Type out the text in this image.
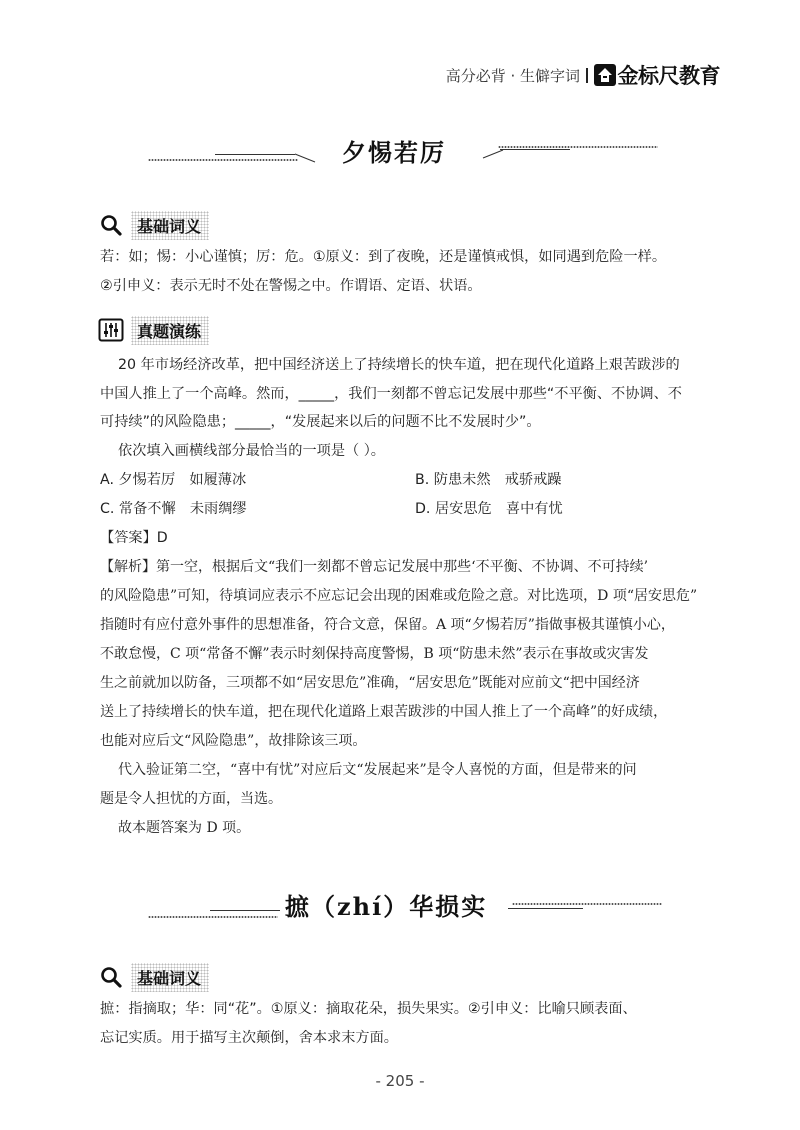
高分必背 · 生僻字词 金标尺教育
夕惕若厉
基础词义
若：如；惕：小心谨慎；厉：危。①原义：到了夜晚，还是谨慎戒惧，如同遇到危险一样。
②引申义：表示无时不处在警惕之中。作谓语、定语、状语。
真题演练
20 年市场经济改革，把中国经济送上了持续增长的快车道，把在现代化道路上艰苦跋涉的
中国人推上了一个高峰。然而，_____，我们一刻都不曾忘记发展中那些“不平衡、不协调、不
可持续”的风险隐患；_____，“发展起来以后的问题不比不发展时少”。
依次填入画横线部分最恰当的一项是（ ）。
A. 夕惕若厉　如履薄冰	B. 防患未然　戒骄戒躁
C. 常备不懈　未雨绸缪	D. 居安思危　喜中有忧
【答案】D
【解析】第一空，根据后文“我们一刻都不曾忘记发展中那些‘不平衡、不协调、不可持续’
的风险隐患”可知，待填词应表示不应忘记会出现的困难或危险之意。对比选项，D 项“居安思危”
指随时有应付意外事件的思想准备，符合文意，保留。A 项“夕惕若厉”指做事极其谨慎小心，
不敢怠慢，C 项“常备不懈”表示时刻保持高度警惕，B 项“防患未然”表示在事故或灾害发
生之前就加以防备，三项都不如“居安思危”准确，“居安思危”既能对应前文“把中国经济
送上了持续增长的快车道，把在现代化道路上艰苦跋涉的中国人推上了一个高峰”的好成绩，
也能对应后文“风险隐患”，故排除该三项。
代入验证第二空，“喜中有忧”对应后文“发展起来”是令人喜悦的方面，但是带来的问
题是令人担忧的方面，当选。
故本题答案为 D 项。
摭（zhí）华损实
基础词义
摭：指摘取；华：同“花”。①原义：摘取花朵，损失果实。②引申义：比喻只顾表面、
忘记实质。用于描写主次颠倒，舍本求末方面。
- 205 -
